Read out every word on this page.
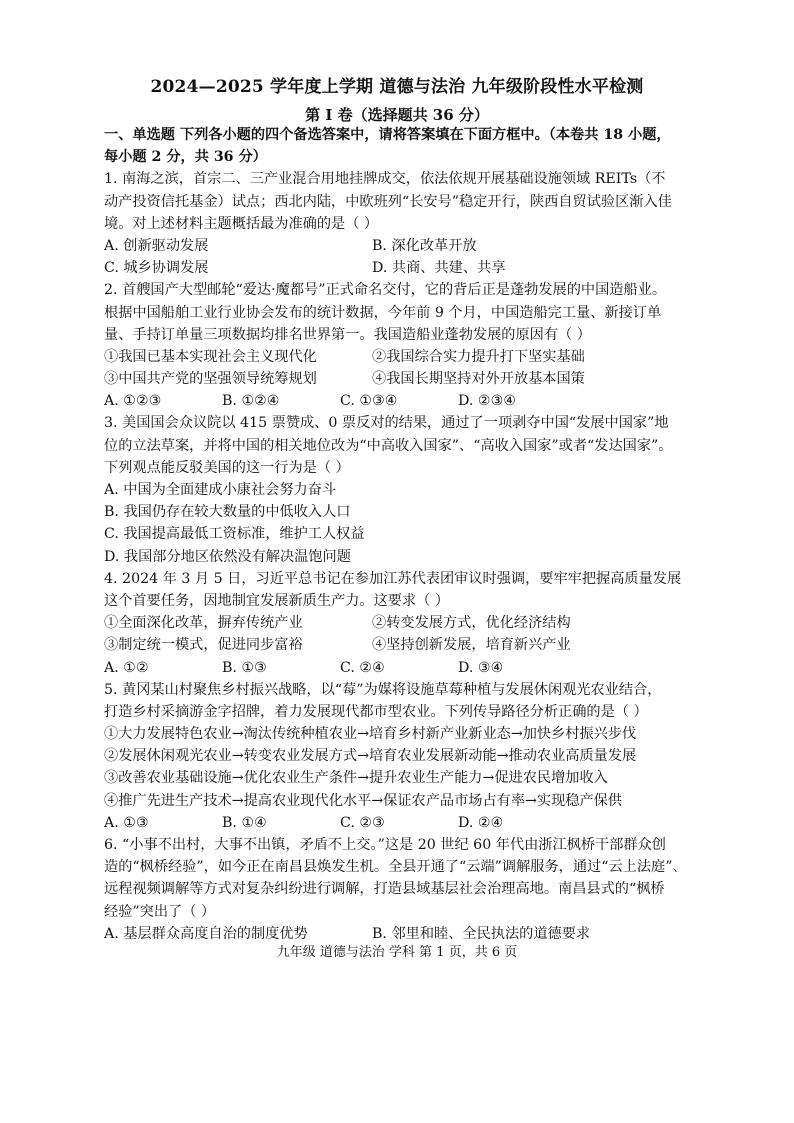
2024—2025 学年度上学期 道德与法治 九年级阶段性水平检测
第 I 卷（选择题共 36 分）
一、单选题 下列各小题的四个备选答案中，请将答案填在下面方框中。（本卷共 18 小题，
每小题 2 分，共 36 分）
1. 南海之滨，首宗二、三产业混合用地挂牌成交，依法依规开展基础设施领域 REITs（不
动产投资信托基金）试点；西北内陆，中欧班列“长安号”稳定开行，陕西自贸试验区渐入佳
境。对上述材料主题概括最为准确的是（ ）
A. 创新驱动发展	B. 深化改革开放
C. 城乡协调发展	D. 共商、共建、共享
2. 首艘国产大型邮轮“爱达·魔都号”正式命名交付，它的背后正是蓬勃发展的中国造船业。
根据中国船舶工业行业协会发布的统计数据，今年前 9 个月，中国造船完工量、新接订单
量、手持订单量三项数据均排名世界第一。我国造船业蓬勃发展的原因有（ ）
①我国已基本实现社会主义现代化	②我国综合实力提升打下坚实基础
③中国共产党的坚强领导统筹规划	④我国长期坚持对外开放基本国策
A. ①②③	B. ①②④	C. ①③④	D. ②③④
3. 美国国会众议院以 415 票赞成、0 票反对的结果，通过了一项剥夺中国“发展中国家”地
位的立法草案，并将中国的相关地位改为“中高收入国家”、“高收入国家”或者“发达国家”。
下列观点能反驳美国的这一行为是（ ）
A. 中国为全面建成小康社会努力奋斗
B. 我国仍存在较大数量的中低收入人口
C. 我国提高最低工资标准，维护工人权益
D. 我国部分地区依然没有解决温饱问题
4. 2024 年 3 月 5 日，习近平总书记在参加江苏代表团审议时强调，要牢牢把握高质量发展
这个首要任务，因地制宜发展新质生产力。这要求（ ）
①全面深化改革，摒弃传统产业	②转变发展方式，优化经济结构
③制定统一模式，促进同步富裕	④坚持创新发展，培育新兴产业
A. ①②	B. ①③	C. ②④	D. ③④
5. 黄冈某山村聚焦乡村振兴战略，以“莓”为媒将设施草莓种植与发展休闲观光农业结合，
打造乡村采摘游金字招牌，着力发展现代都市型农业。下列传导路径分析正确的是（ ）
①大力发展特色农业→淘汰传统种植农业→培育乡村新产业新业态→加快乡村振兴步伐
②发展休闲观光农业→转变农业发展方式→培育农业发展新动能→推动农业高质量发展
③改善农业基础设施→优化农业生产条件→提升农业生产能力→促进农民增加收入
④推广先进生产技术→提高农业现代化水平→保证农产品市场占有率→实现稳产保供
A. ①③	B. ①④	C. ②③	D. ②④
6. “小事不出村，大事不出镇，矛盾不上交。”这是 20 世纪 60 年代由浙江枫桥干部群众创
造的“枫桥经验”，如今正在南昌县焕发生机。全县开通了“云端”调解服务，通过“云上法庭”、
远程视频调解等方式对复杂纠纷进行调解，打造县域基层社会治理高地。南昌县式的“枫桥
经验”突出了（ ）
A. 基层群众高度自治的制度优势	B. 邻里和睦、全民执法的道德要求
九年级 道德与法治 学科 第 1 页，共 6 页
